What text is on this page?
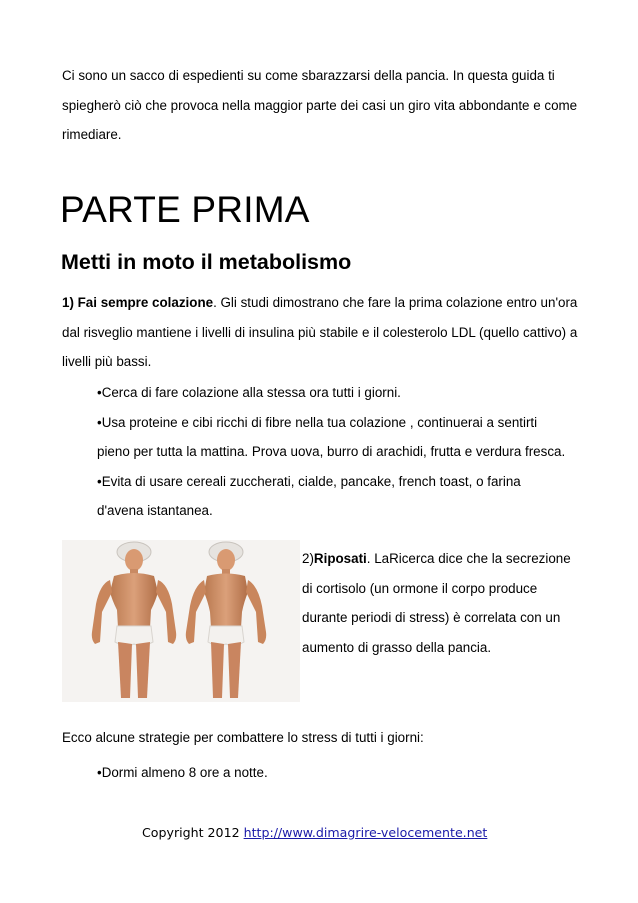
Ci sono un sacco di espedienti su come sbarazzarsi della pancia. In questa guida ti spiegherò ciò che provoca nella maggior parte dei casi un giro vita abbondante e come rimediare.

PARTE PRIMA
Metti in moto il metabolismo

1) Fai sempre colazione. Gli studi dimostrano che fare la prima colazione entro un'ora dal risveglio mantiene i livelli di insulina più stabile e il colesterolo LDL (quello cattivo) a livelli più bassi.

•Cerca di fare colazione alla stessa ora tutti i giorni.
•Usa proteine e cibi ricchi di fibre nella tua colazione , continuerai a sentirti pieno per tutta la mattina. Prova uova, burro di arachidi, frutta e verdura fresca.
•Evita di usare cereali zuccherati, cialde, pancake, french toast, o farina d'avena istantanea.

2)Riposati. LaRicerca dice che la secrezione di cortisolo (un ormone il corpo produce durante periodi di stress) è correlata con un aumento di grasso della pancia.

Ecco alcune strategie per combattere lo stress di tutti i giorni:

•Dormi almeno 8 ore a notte.
Copyright 2012 http://www.dimagrire-velocemente.net
